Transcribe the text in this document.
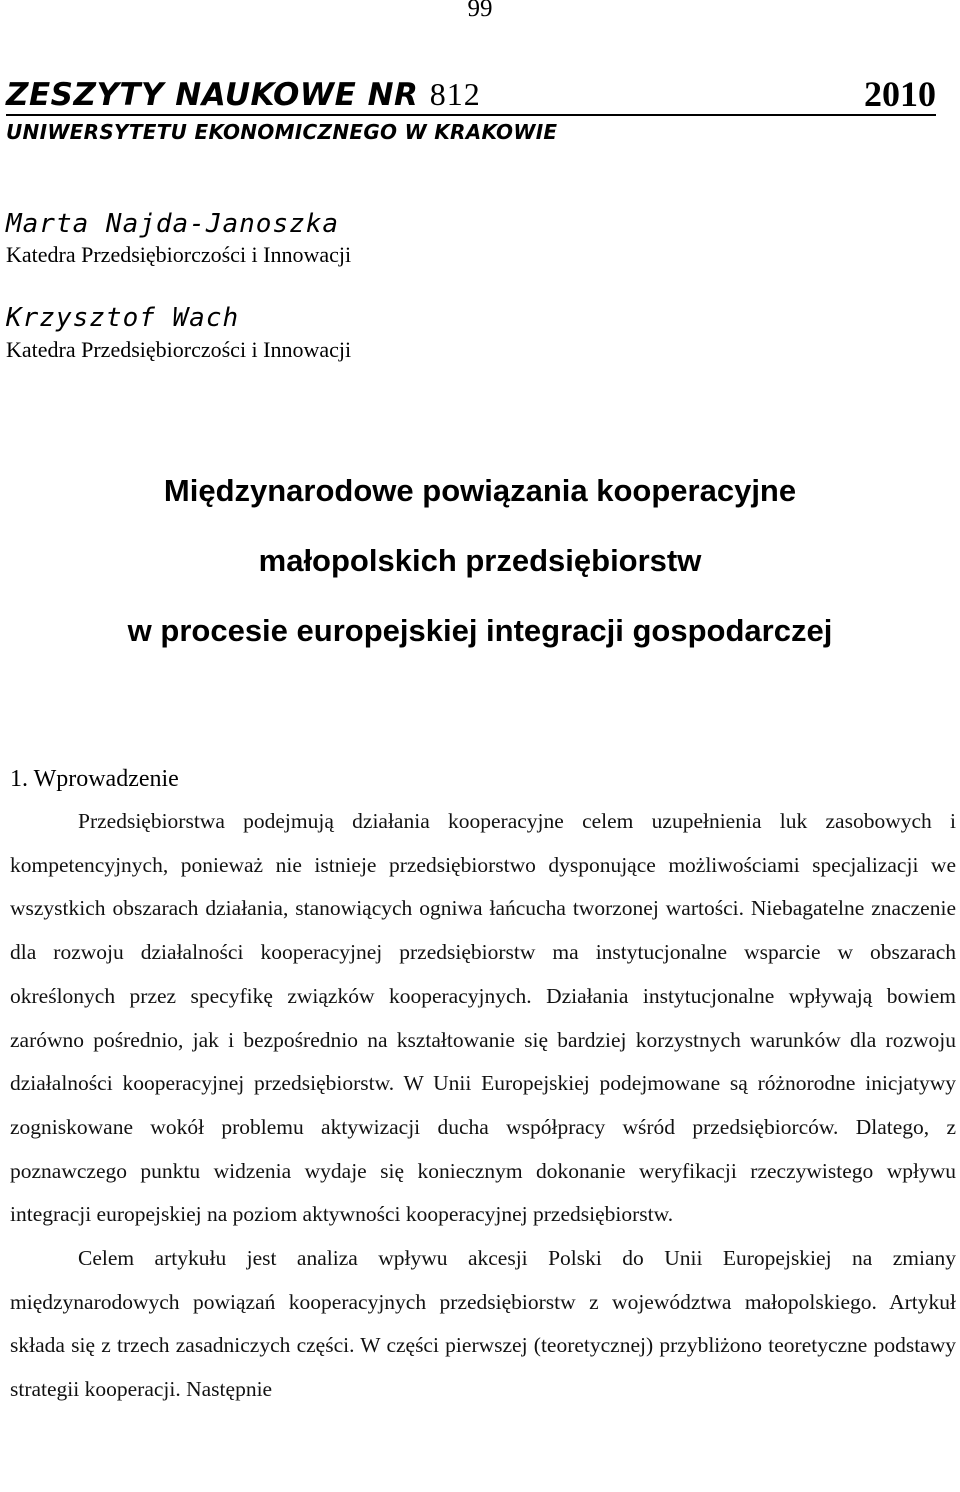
99
ZESZYTY NAUKOWE NR 812	2010
UNIWERSYTETU EKONOMICZNEGO W KRAKOWIE
Marta Najda-Janoszka
Katedra Przedsiębiorczości i Innowacji
Krzysztof Wach
Katedra Przedsiębiorczości i Innowacji
Międzynarodowe powiązania kooperacyjne
małopolskich przedsiębiorstw
w procesie europejskiej integracji gospodarczej
1. Wprowadzenie

Przedsiębiorstwa podejmują działania kooperacyjne celem uzupełnienia luk zasobowych i kompetencyjnych, ponieważ nie istnieje przedsiębiorstwo dysponujące możliwościami specjalizacji we wszystkich obszarach działania, stanowiących ogniwa łańcucha tworzonej wartości. Niebagatelne znaczenie dla rozwoju działalności kooperacyjnej przedsiębiorstw ma instytucjonalne wsparcie w obszarach określonych przez specyfikę związków kooperacyjnych. Działania instytucjonalne wpływają bowiem zarówno pośrednio, jak i bezpośrednio na kształtowanie się bardziej korzystnych warunków dla rozwoju działalności kooperacyjnej przedsiębiorstw. W Unii Europejskiej podejmowane są różnorodne inicjatywy zogniskowane wokół problemu aktywizacji ducha współpracy wśród przedsiębiorców. Dlatego, z poznawczego punktu widzenia wydaje się koniecznym dokonanie weryfikacji rzeczywistego wpływu integracji europejskiej na poziom aktywności kooperacyjnej przedsiębiorstw.

Celem artykułu jest analiza wpływu akcesji Polski do Unii Europejskiej na zmiany międzynarodowych powiązań kooperacyjnych przedsiębiorstw z województwa małopolskiego. Artykuł składa się z trzech zasadniczych części. W części pierwszej (teoretycznej) przybliżono teoretyczne podstawy strategii kooperacji. Następnie
